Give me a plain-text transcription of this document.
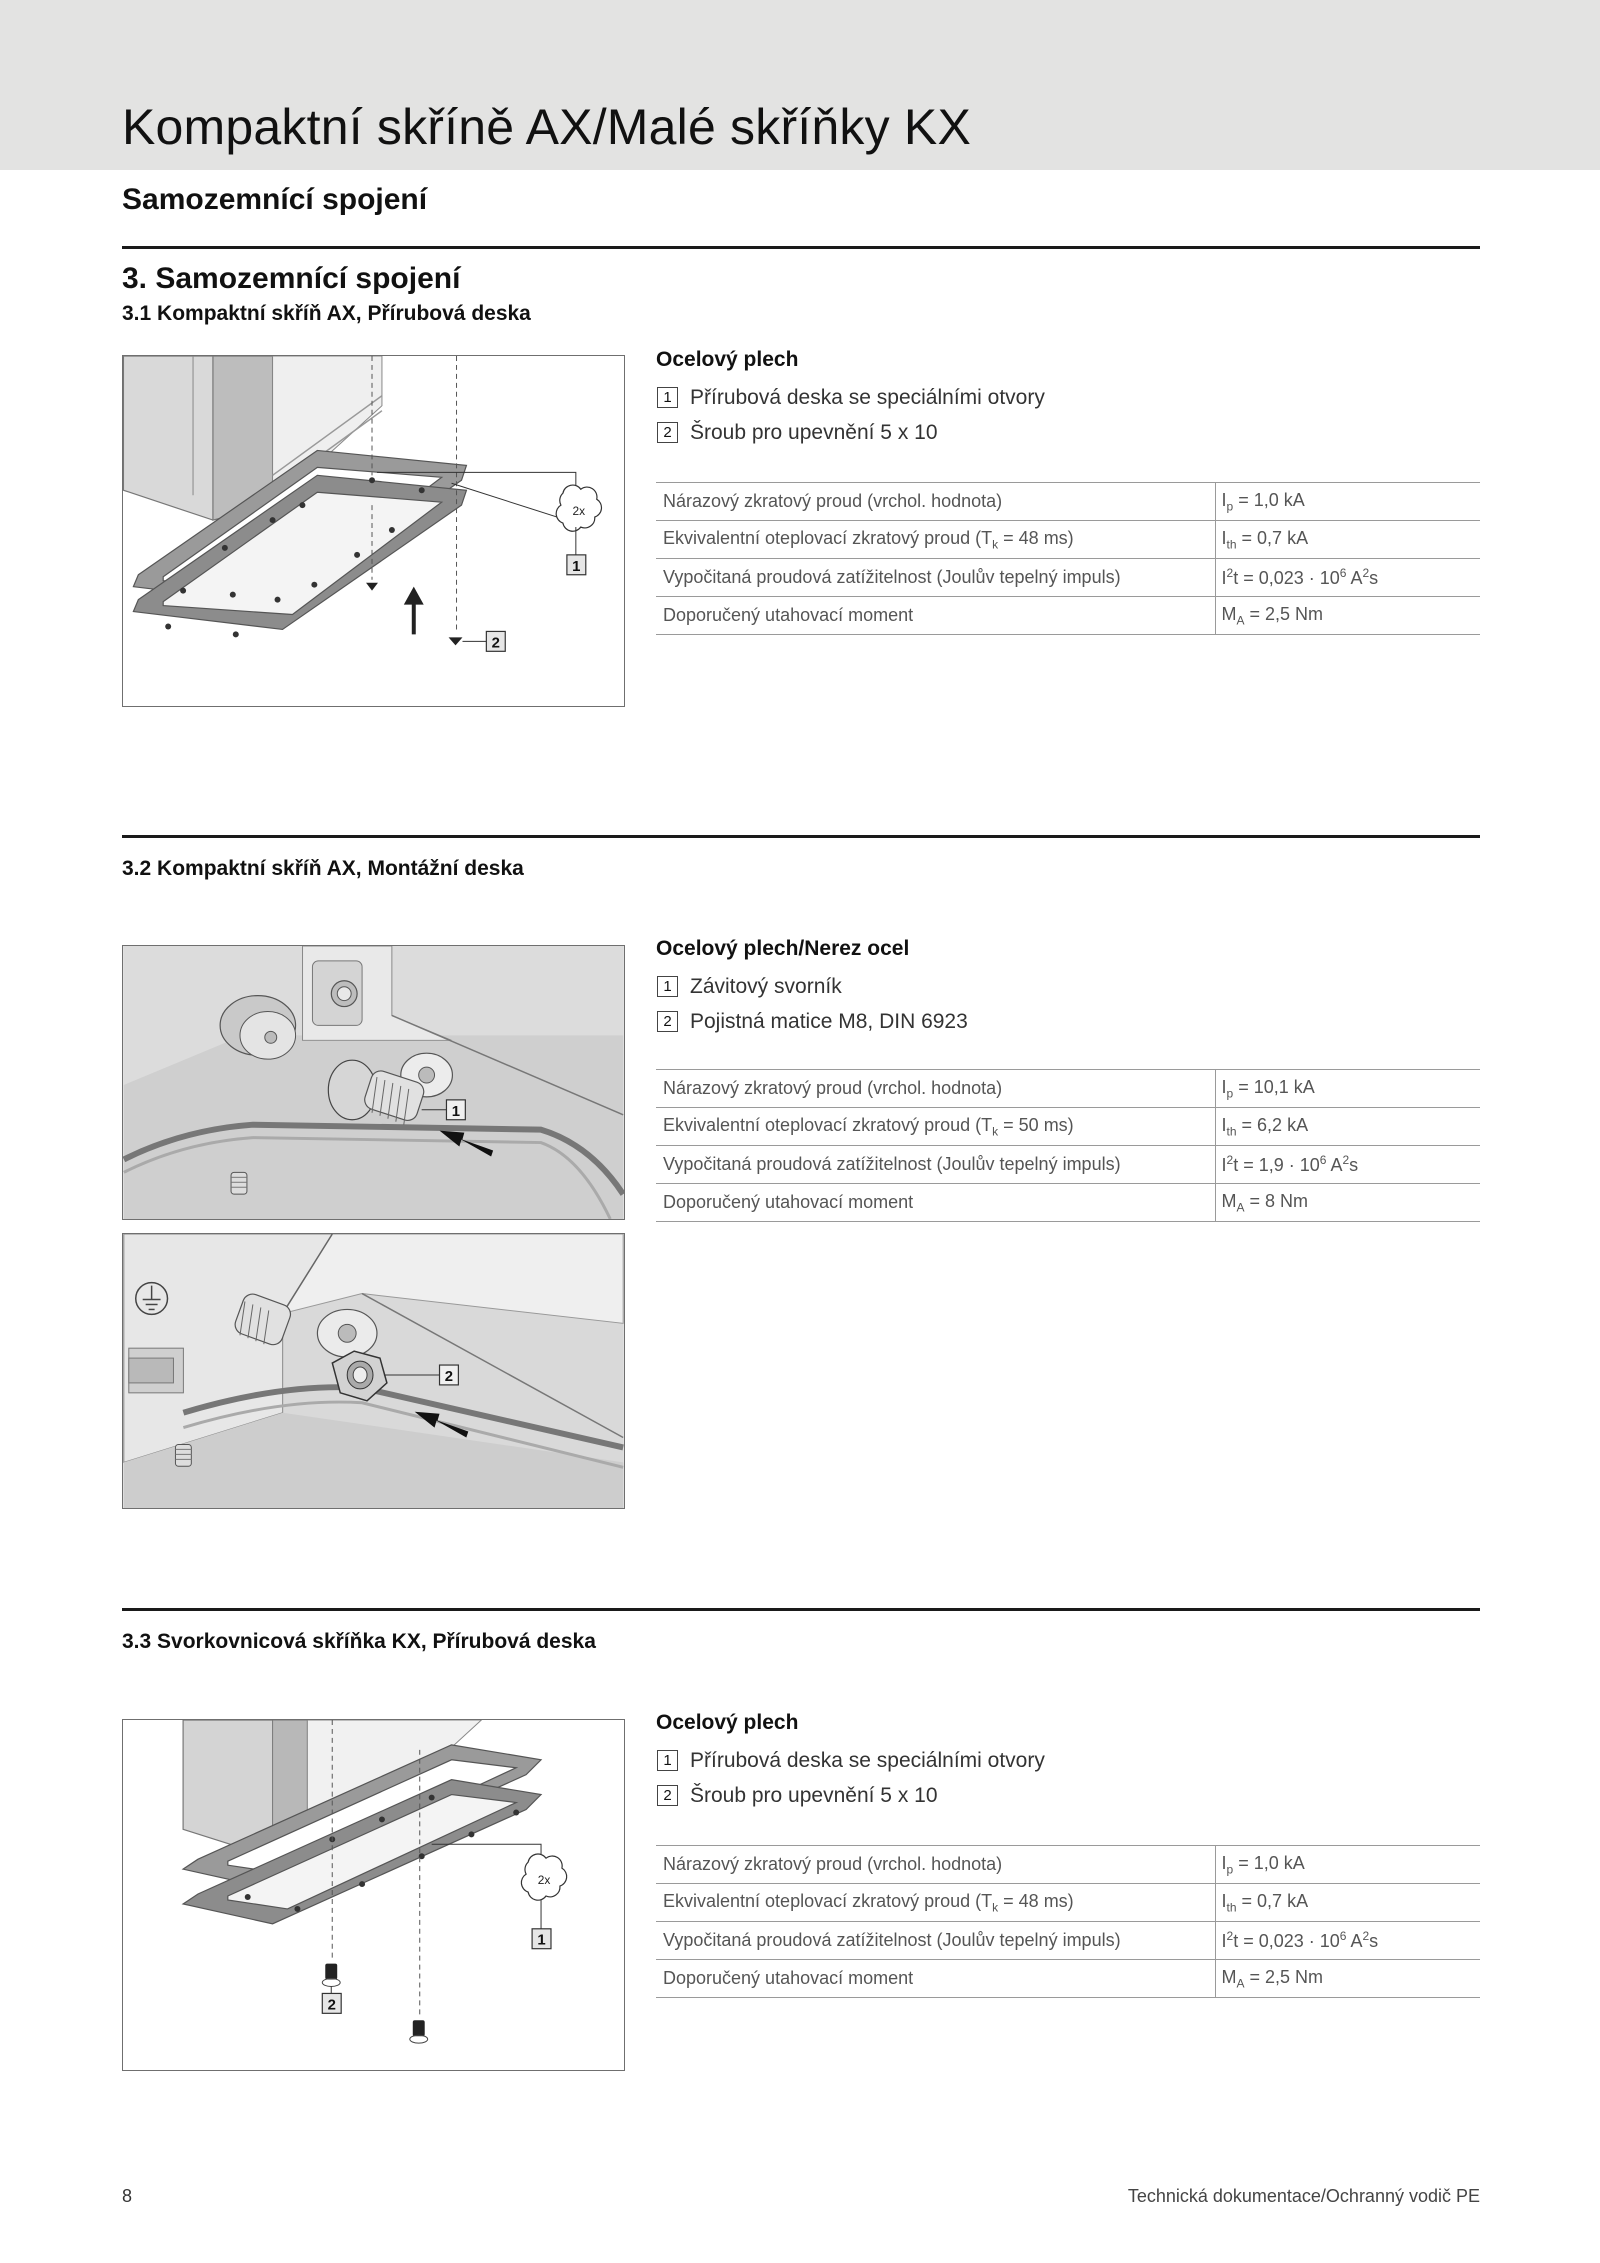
Kompaktní skříně AX/Malé skříňky KX
Samozemnící spojení
3. Samozemnící spojení
3.1 Kompaktní skříň AX, Přírubová deska
2x
1
2
Ocelový plech
1 Přírubová deska se speciálními otvory
2 Šroub pro upevnění 5 x 10
Nárazový zkratový proud (vrchol. hodnota)	$I_p = 1,0$ kA
Ekvivalentní oteplovací zkratový proud ($T_k = 48$ ms)	$I_{th} = 0,7$ kA
Vypočitaná proudová zatížitelnost (Joulův tepelný impuls)	$I^2t = 0,023 \cdot 10^6$ $A^2s$
Doporučený utahovací moment	$M_A = 2,5$ Nm
3.2 Kompaktní skříň AX, Montážní deska
1
2
Ocelový plech/Nerez ocel
1 Závitový svorník
2 Pojistná matice M8, DIN 6923
Nárazový zkratový proud (vrchol. hodnota)	$I_p = 10,1$ kA
Ekvivalentní oteplovací zkratový proud ($T_k = 50$ ms)	$I_{th} = 6,2$ kA
Vypočitaná proudová zatížitelnost (Joulův tepelný impuls)	$I^2t = 1,9 \cdot 10^6$ $A^2s$
Doporučený utahovací moment	$M_A = 8$ Nm
3.3 Svorkovnicová skříňka KX, Přírubová deska
2x
1
2
Ocelový plech
1 Přírubová deska se speciálními otvory
2 Šroub pro upevnění 5 x 10
Nárazový zkratový proud (vrchol. hodnota)	$I_p = 1,0$ kA
Ekvivalentní oteplovací zkratový proud ($T_k = 48$ ms)	$I_{th} = 0,7$ kA
Vypočitaná proudová zatížitelnost (Joulův tepelný impuls)	$I^2t = 0,023 \cdot 10^6$ $A^2s$
Doporučený utahovací moment	$M_A = 2,5$ Nm
8	Technická dokumentace/Ochranný vodič PE
